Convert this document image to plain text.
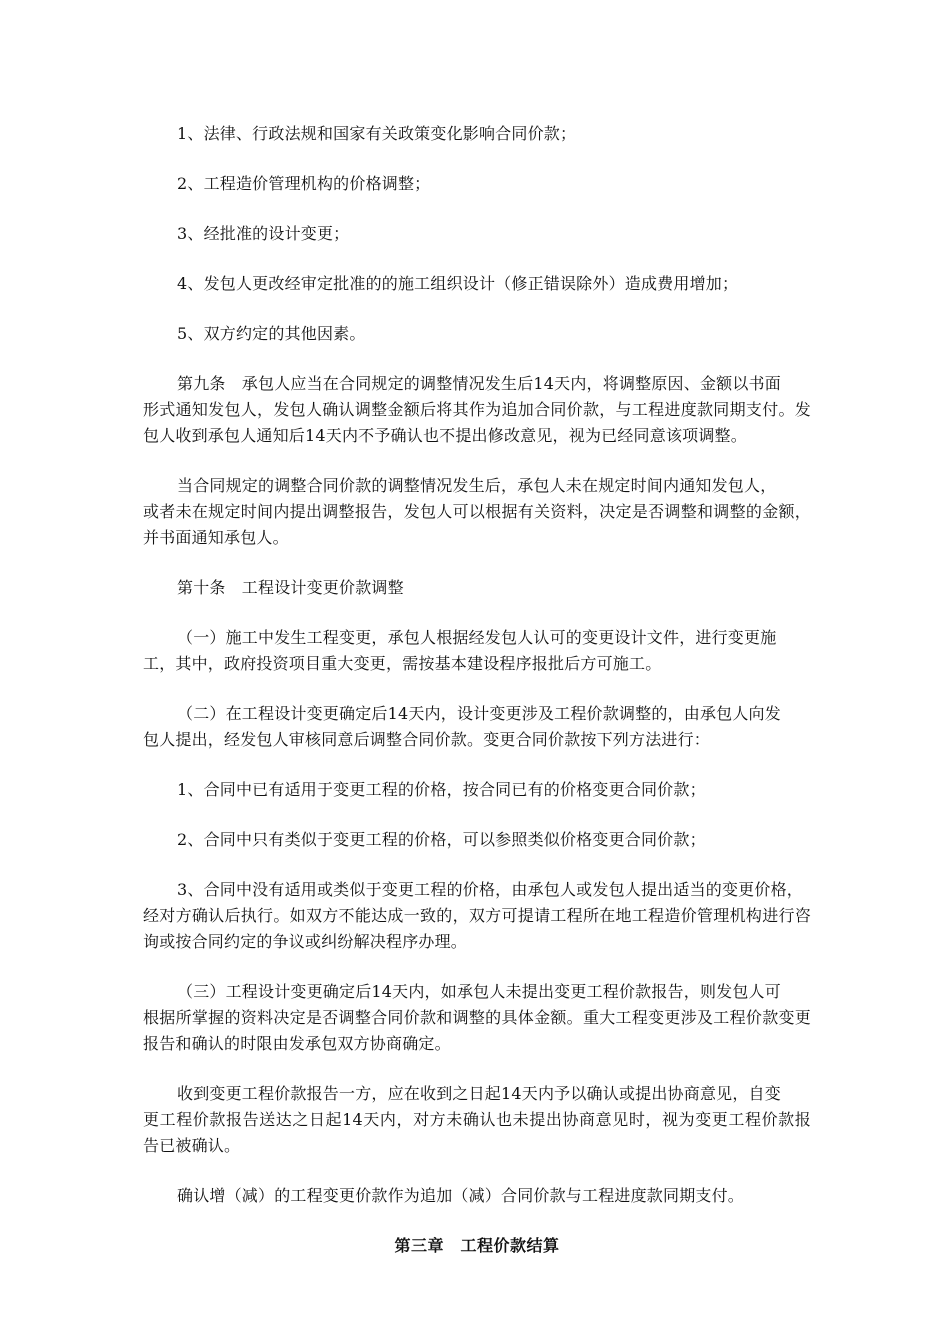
1、法律、行政法规和国家有关政策变化影响合同价款；

2、工程造价管理机构的价格调整；

3、经批准的设计变更；

4、发包人更改经审定批准的的施工组织设计（修正错误除外）造成费用增加；

5、双方约定的其他因素。

第九条　承包人应当在合同规定的调整情况发生后14天内，将调整原因、金额以书面
形式通知发包人，发包人确认调整金额后将其作为追加合同价款，与工程进度款同期支付。发包人收到承包人通知后14天内不予确认也不提出修改意见，视为已经同意该项调整。

当合同规定的调整合同价款的调整情况发生后，承包人未在规定时间内通知发包人，
或者未在规定时间内提出调整报告，发包人可以根据有关资料，决定是否调整和调整的金额，并书面通知承包人。

第十条　工程设计变更价款调整

（一）施工中发生工程变更，承包人根据经发包人认可的变更设计文件，进行变更施
工，其中，政府投资项目重大变更，需按基本建设程序报批后方可施工。

（二）在工程设计变更确定后14天内，设计变更涉及工程价款调整的，由承包人向发
包人提出，经发包人审核同意后调整合同价款。变更合同价款按下列方法进行：

1、合同中已有适用于变更工程的价格，按合同已有的价格变更合同价款；

2、合同中只有类似于变更工程的价格，可以参照类似价格变更合同价款；

3、合同中没有适用或类似于变更工程的价格，由承包人或发包人提出适当的变更价格，
经对方确认后执行。如双方不能达成一致的，双方可提请工程所在地工程造价管理机构进行咨询或按合同约定的争议或纠纷解决程序办理。

（三）工程设计变更确定后14天内，如承包人未提出变更工程价款报告，则发包人可
根据所掌握的资料决定是否调整合同价款和调整的具体金额。重大工程变更涉及工程价款变更报告和确认的时限由发承包双方协商确定。

收到变更工程价款报告一方，应在收到之日起14天内予以确认或提出协商意见，自变
更工程价款报告送达之日起14天内，对方未确认也未提出协商意见时，视为变更工程价款报告已被确认。

确认增（减）的工程变更价款作为追加（减）合同价款与工程进度款同期支付。

第三章　工程价款结算
